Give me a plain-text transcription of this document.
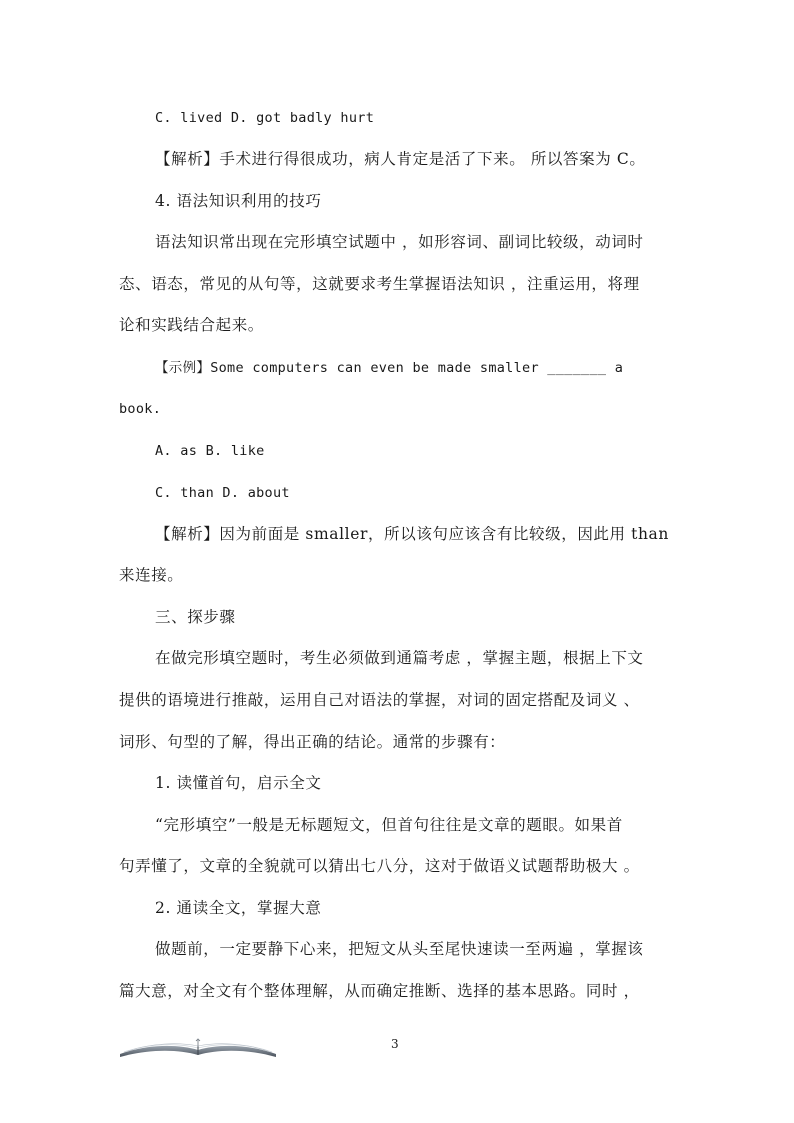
C. lived D. got badly hurt
【解析】手术进行得很成功，病人肯定是活了下来。 所以答案为 C。
4. 语法知识利用的技巧
语法知识常出现在完形填空试题中 ，如形容词、副词比较级，动词时
态、语态，常见的从句等，这就要求考生掌握语法知识 ，注重运用，将理
论和实践结合起来。
【示例】Some computers can even be made smaller _______ a
book.
A. as B. like
C. than D. about
【解析】因为前面是 smaller，所以该句应该含有比较级，因此用 than
来连接。
三、探步骤
在做完形填空题时，考生必须做到通篇考虑 ，掌握主题，根据上下文
提供的语境进行推敲，运用自己对语法的掌握，对词的固定搭配及词义 、
词形、句型的了解，得出正确的结论。通常的步骤有：
1. 读懂首句，启示全文
“完形填空”一般是无标题短文，但首句往往是文章的题眼。如果首
句弄懂了，文章的全貌就可以猜出七八分，这对于做语义试题帮助极大 。
2. 通读全文，掌握大意
做题前，一定要静下心来，把短文从头至尾快速读一至两遍 ，掌握该
篇大意，对全文有个整体理解，从而确定推断、选择的基本思路。同时 ，
3
